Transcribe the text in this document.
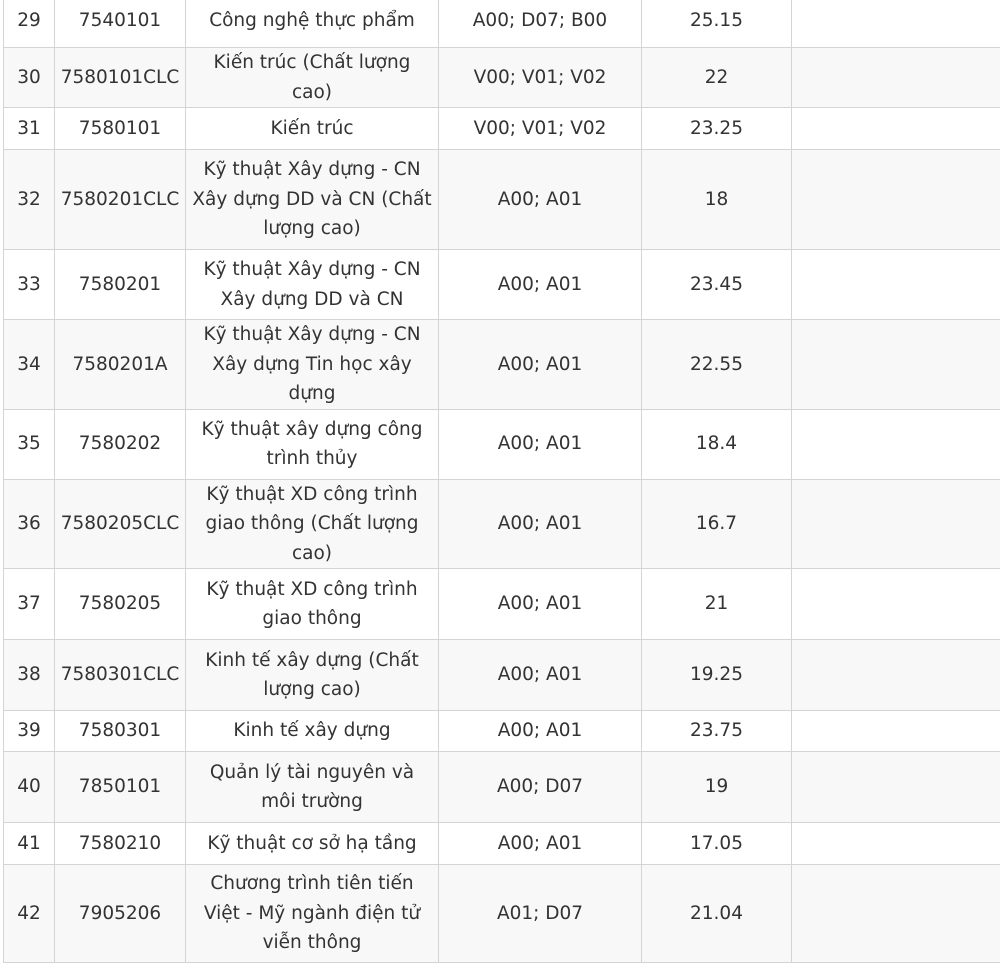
29	7540101	Công nghệ thực phẩm	A00; D07; B00	25.15	
30	7580101CLC	Kiến trúc (Chất lượng cao)	V00; V01; V02	22	
31	7580101	Kiến trúc	V00; V01; V02	23.25	
32	7580201CLC	Kỹ thuật Xây dựng - CN Xây dựng DD và CN (Chất lượng cao)	A00; A01	18	
33	7580201	Kỹ thuật Xây dựng - CN Xây dựng DD và CN	A00; A01	23.45	
34	7580201A	Kỹ thuật Xây dựng - CN Xây dựng Tin học xây dựng	A00; A01	22.55	
35	7580202	Kỹ thuật xây dựng công trình thủy	A00; A01	18.4	
36	7580205CLC	Kỹ thuật XD công trình giao thông (Chất lượng cao)	A00; A01	16.7	
37	7580205	Kỹ thuật XD công trình giao thông	A00; A01	21	
38	7580301CLC	Kinh tế xây dựng (Chất lượng cao)	A00; A01	19.25	
39	7580301	Kinh tế xây dựng	A00; A01	23.75	
40	7850101	Quản lý tài nguyên và môi trường	A00; D07	19	
41	7580210	Kỹ thuật cơ sở hạ tầng	A00; A01	17.05	
42	7905206	Chương trình tiên tiến Việt - Mỹ ngành điện tử viễn thông	A01; D07	21.04	
